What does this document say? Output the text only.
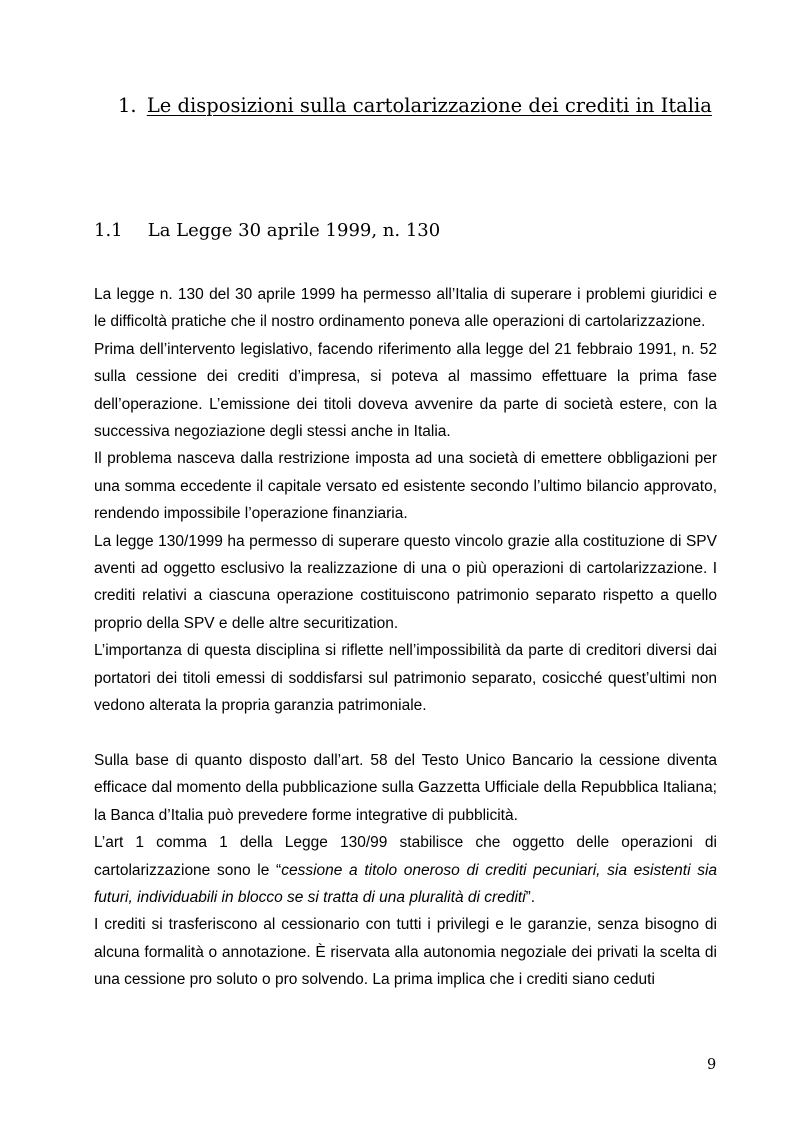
1. Le disposizioni sulla cartolarizzazione dei crediti in Italia
1.1 La Legge 30 aprile 1999, n. 130

La legge n. 130 del 30 aprile 1999 ha permesso all’Italia di superare i problemi giuridici e le difficoltà pratiche che il nostro ordinamento poneva alle operazioni di cartolarizzazione.

Prima dell’intervento legislativo, facendo riferimento alla legge del 21 febbraio 1991, n. 52 sulla cessione dei crediti d’impresa, si poteva al massimo effettuare la prima fase dell’operazione. L’emissione dei titoli doveva avvenire da parte di società estere, con la successiva negoziazione degli stessi anche in Italia.

Il problema nasceva dalla restrizione imposta ad una società di emettere obbligazioni per una somma eccedente il capitale versato ed esistente secondo l’ultimo bilancio approvato, rendendo impossibile l’operazione finanziaria.

La legge 130/1999 ha permesso di superare questo vincolo grazie alla costituzione di SPV aventi ad oggetto esclusivo la realizzazione di una o più operazioni di cartolarizzazione. I crediti relativi a ciascuna operazione costituiscono patrimonio separato rispetto a quello proprio della SPV e delle altre securitization.

L’importanza di questa disciplina si riflette nell’impossibilità da parte di creditori diversi dai portatori dei titoli emessi di soddisfarsi sul patrimonio separato, cosicché quest’ultimi non vedono alterata la propria garanzia patrimoniale.

Sulla base di quanto disposto dall’art. 58 del Testo Unico Bancario la cessione diventa efficace dal momento della pubblicazione sulla Gazzetta Ufficiale della Repubblica Italiana; la Banca d’Italia può prevedere forme integrative di pubblicità.

L’art 1 comma 1 della Legge 130/99 stabilisce che oggetto delle operazioni di cartolarizzazione sono le “cessione a titolo oneroso di crediti pecuniari, sia esistenti sia futuri, individuabili in blocco se si tratta di una pluralità di crediti”.

I crediti si trasferiscono al cessionario con tutti i privilegi e le garanzie, senza bisogno di alcuna formalità o annotazione. È riservata alla autonomia negoziale dei privati la scelta di una cessione pro soluto o pro solvendo. La prima implica che i crediti siano ceduti

9
